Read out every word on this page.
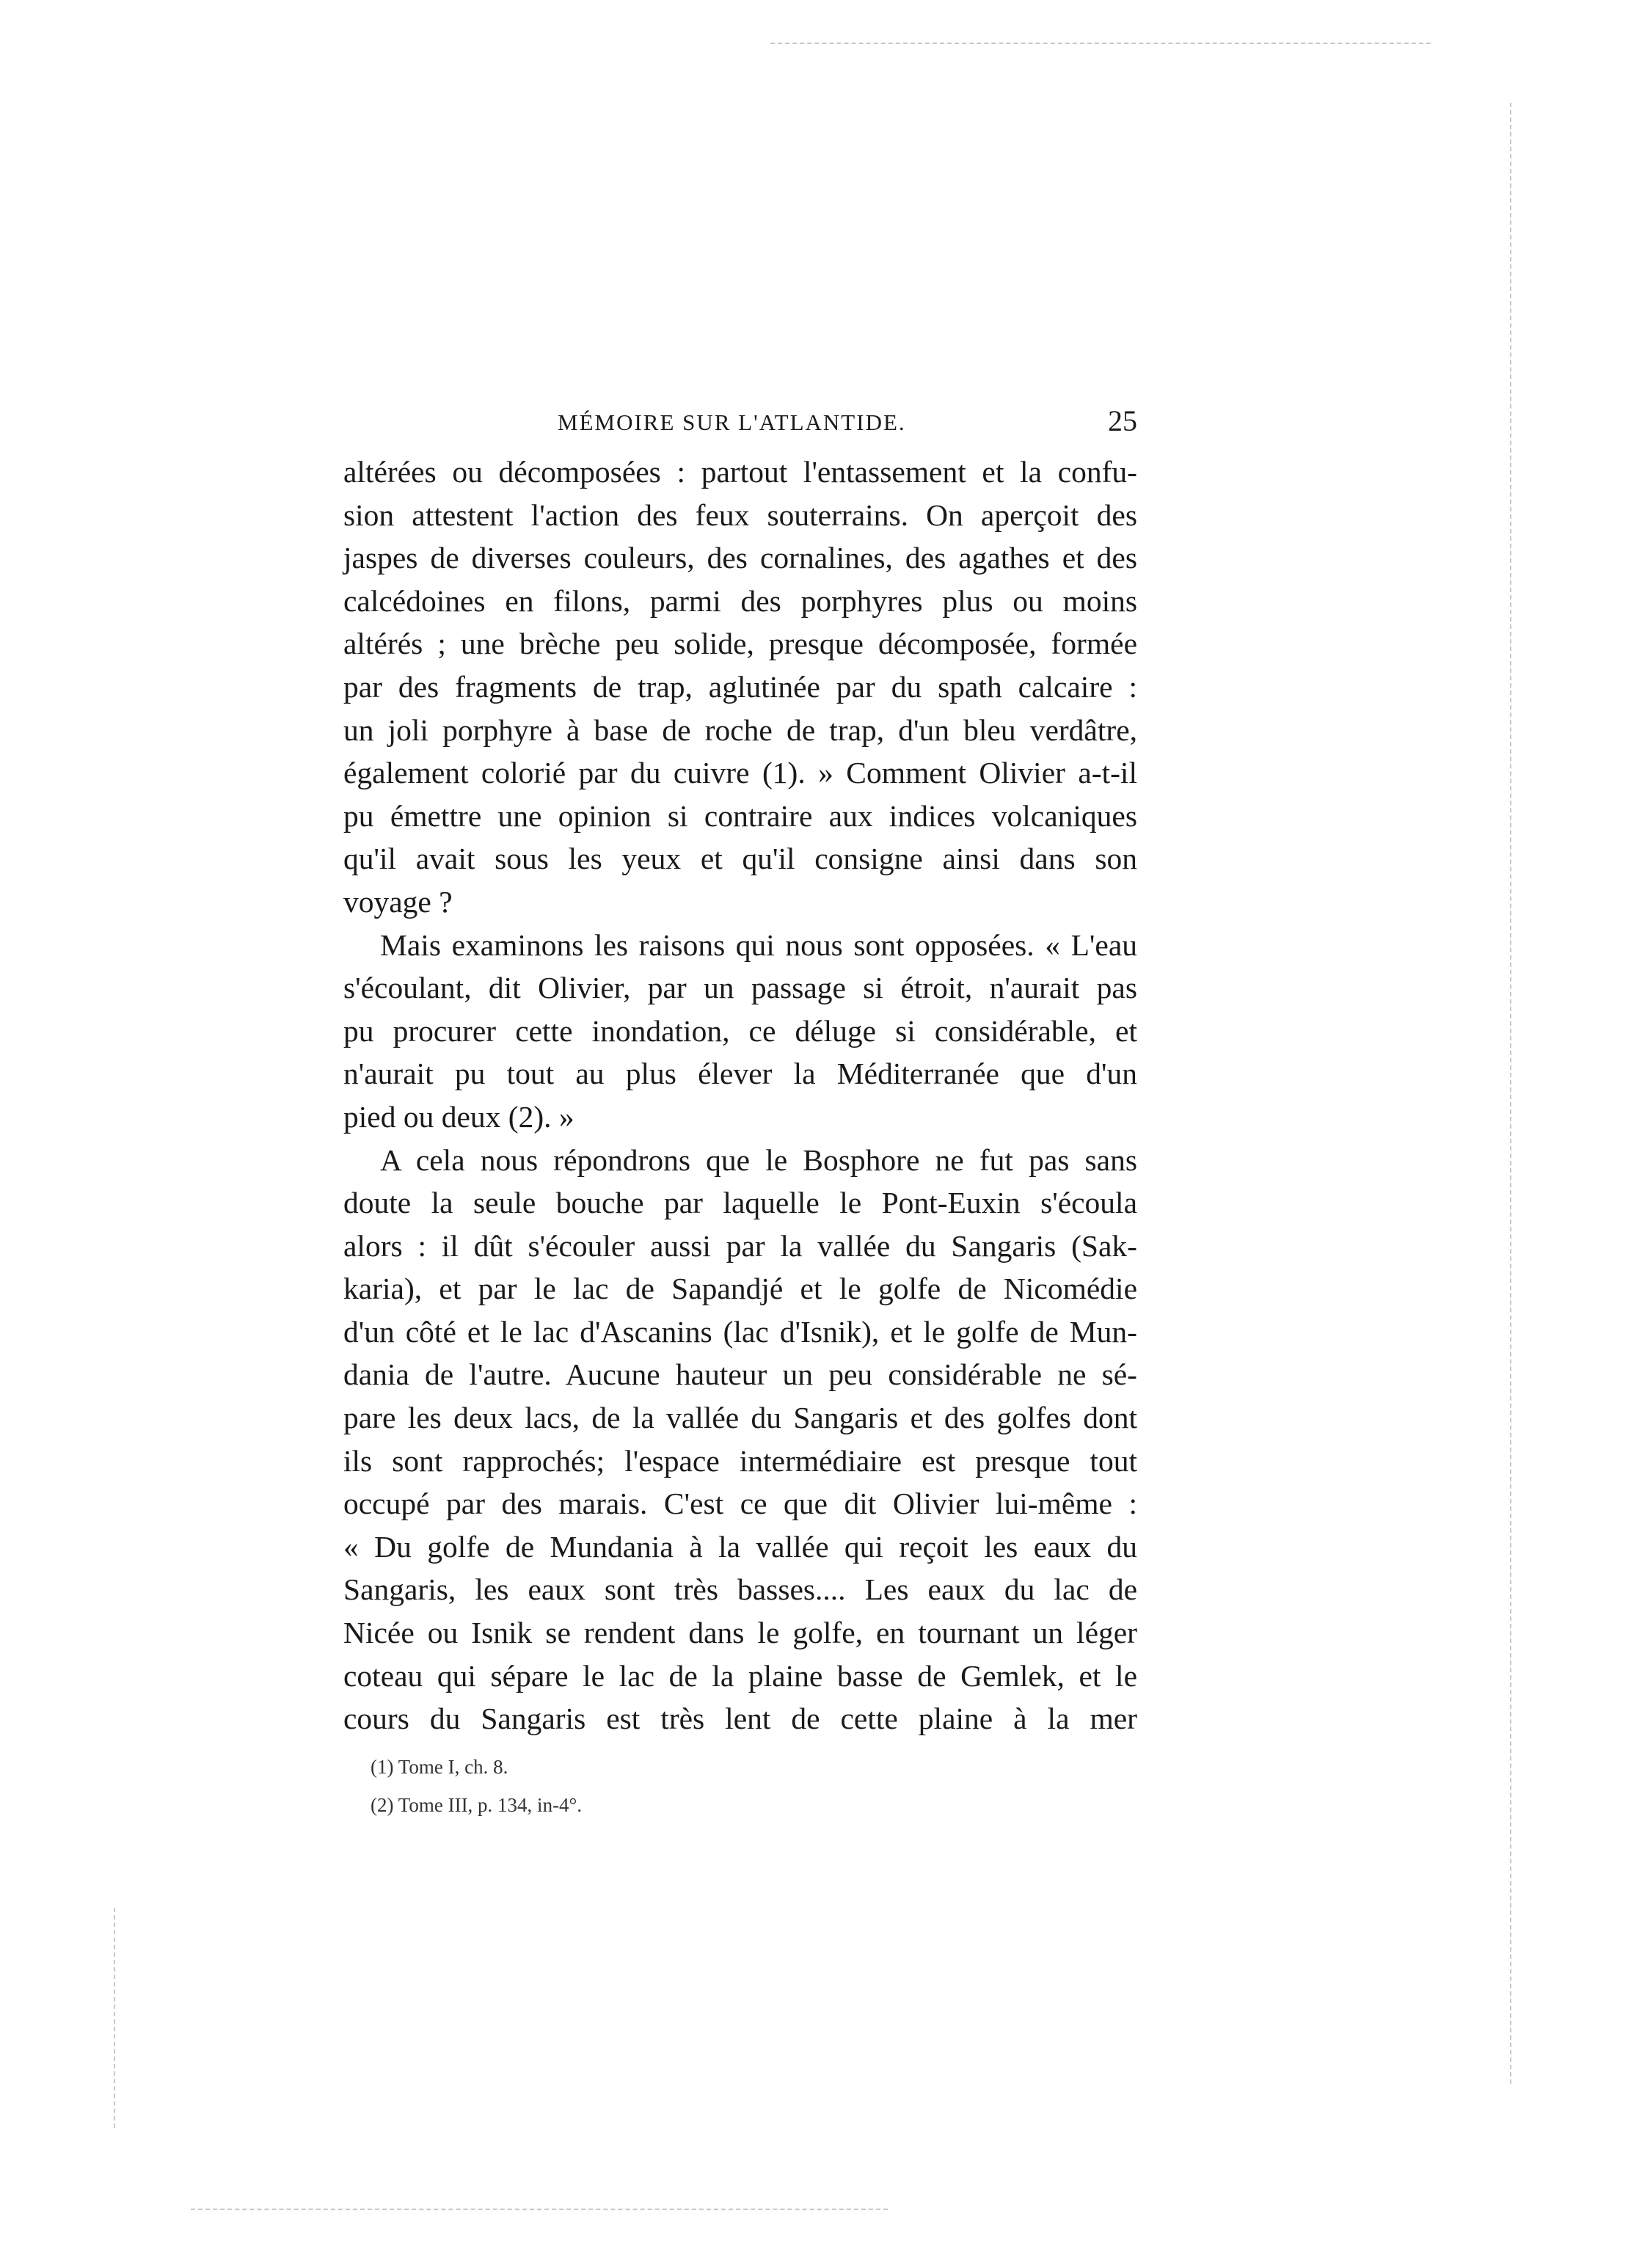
MÉMOIRE SUR L'ATLANTIDE.	25

altérées ou décomposées : partout l'entassement et la confu-
sion attestent l'action des feux souterrains. On aperçoit des
jaspes de diverses couleurs, des cornalines, des agathes et des
calcédoines en filons, parmi des porphyres plus ou moins
altérés ; une brèche peu solide, presque décomposée, formée
par des fragments de trap, aglutinée par du spath calcaire :
un joli porphyre à base de roche de trap, d'un bleu verdâtre,
également colorié par du cuivre (1). » Comment Olivier a-t-il
pu émettre une opinion si contraire aux indices volcaniques
qu'il avait sous les yeux et qu'il consigne ainsi dans son

voyage ?

Mais examinons les raisons qui nous sont opposées. « L'eau
s'écoulant, dit Olivier, par un passage si étroit, n'aurait pas
pu procurer cette inondation, ce déluge si considérable, et
n'aurait pu tout au plus élever la Méditerranée que d'un

pied ou deux (2). »

A cela nous répondrons que le Bosphore ne fut pas sans
doute la seule bouche par laquelle le Pont-Euxin s'écoula
alors : il dût s'écouler aussi par la vallée du Sangaris (Sak-
karia), et par le lac de Sapandjé et le golfe de Nicomédie
d'un côté et le lac d'Ascanins (lac d'Isnik), et le golfe de Mun-
dania de l'autre. Aucune hauteur un peu considérable ne sé-
pare les deux lacs, de la vallée du Sangaris et des golfes dont
ils sont rapprochés; l'espace intermédiaire est presque tout
occupé par des marais. C'est ce que dit Olivier lui-même :
« Du golfe de Mundania à la vallée qui reçoit les eaux du
Sangaris, les eaux sont très basses.... Les eaux du lac de
Nicée ou Isnik se rendent dans le golfe, en tournant un léger
coteau qui sépare le lac de la plaine basse de Gemlek, et le
cours du Sangaris est très lent de cette plaine à la mer

(1) Tome I, ch. 8.
(2) Tome III, p. 134, in-4°.
